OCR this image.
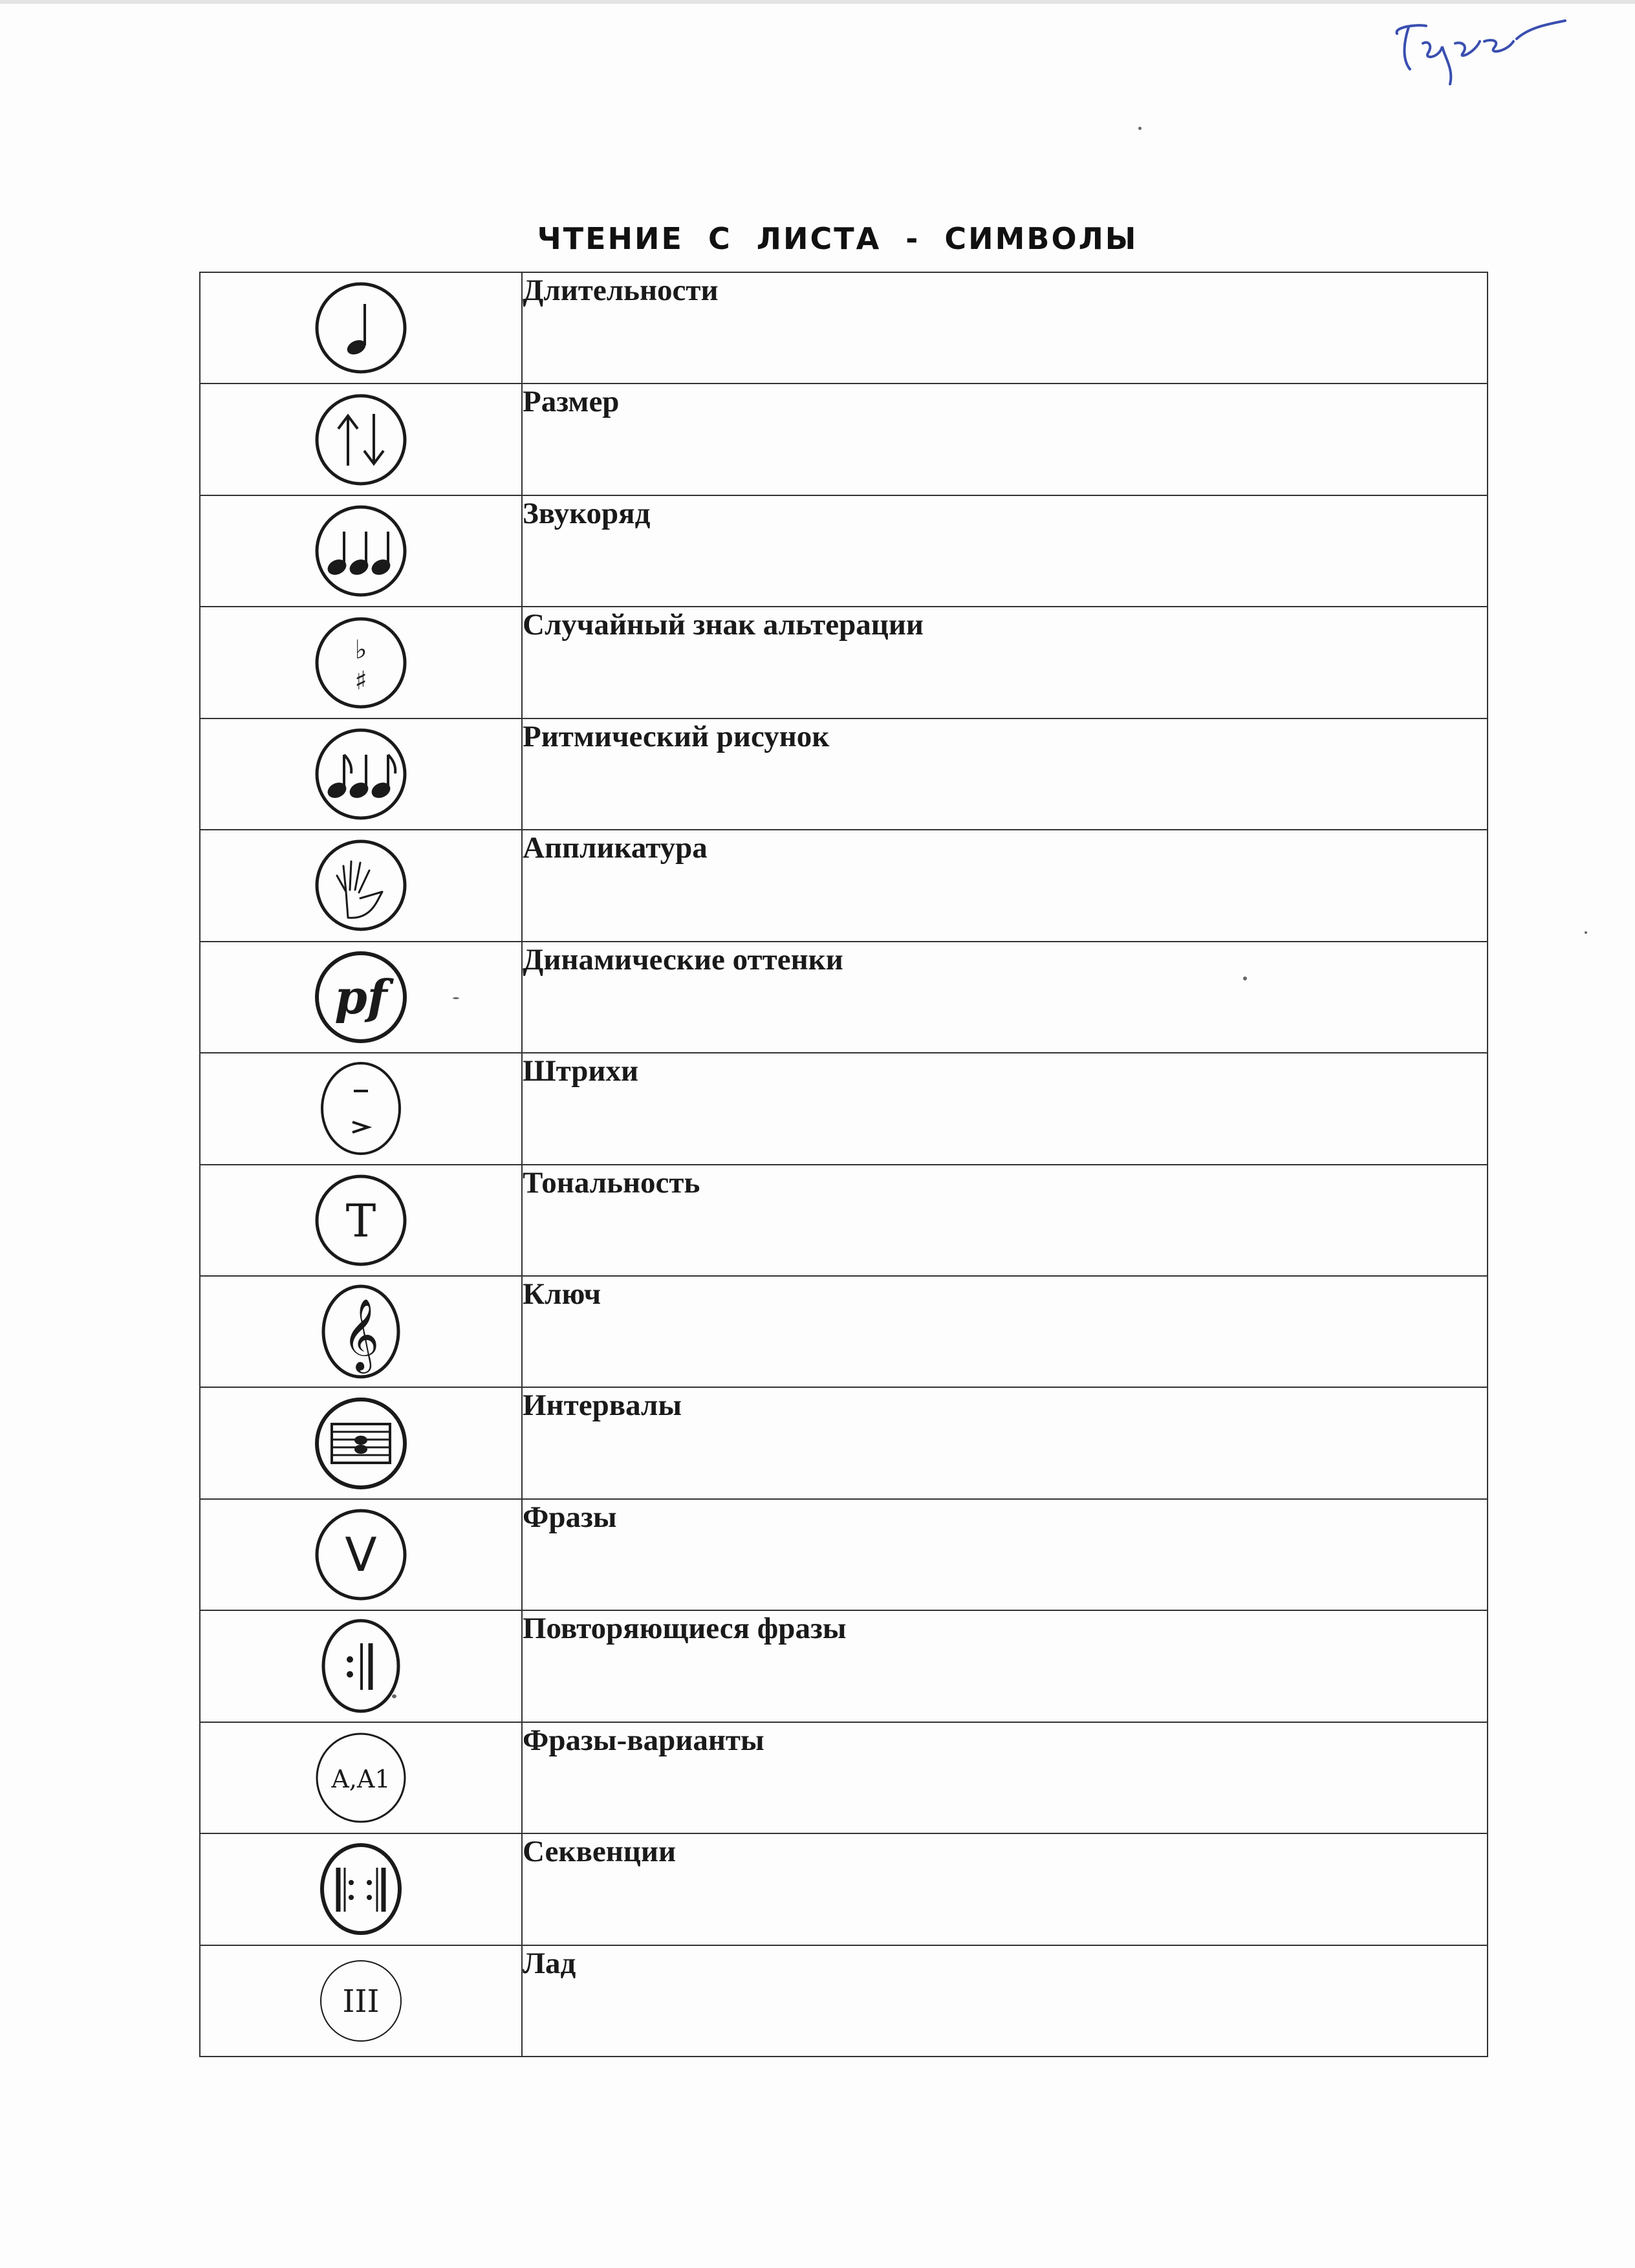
ЧТЕНИЕ  С  ЛИСТА  -  СИМВОЛЫ
	Длительности

	Размер

	Звукоряд

♭
♯	Случайный знак альтерации

	Ритмический рисунок

	Аппликатура

pf	Динамические оттенки

	Штрихи

T	Тональность

𝄞	Ключ

	Интервалы

V	Фразы

	Повторяющиеся фразы

A,A1	Фразы-варианты

	Секвенции

III	Лад
